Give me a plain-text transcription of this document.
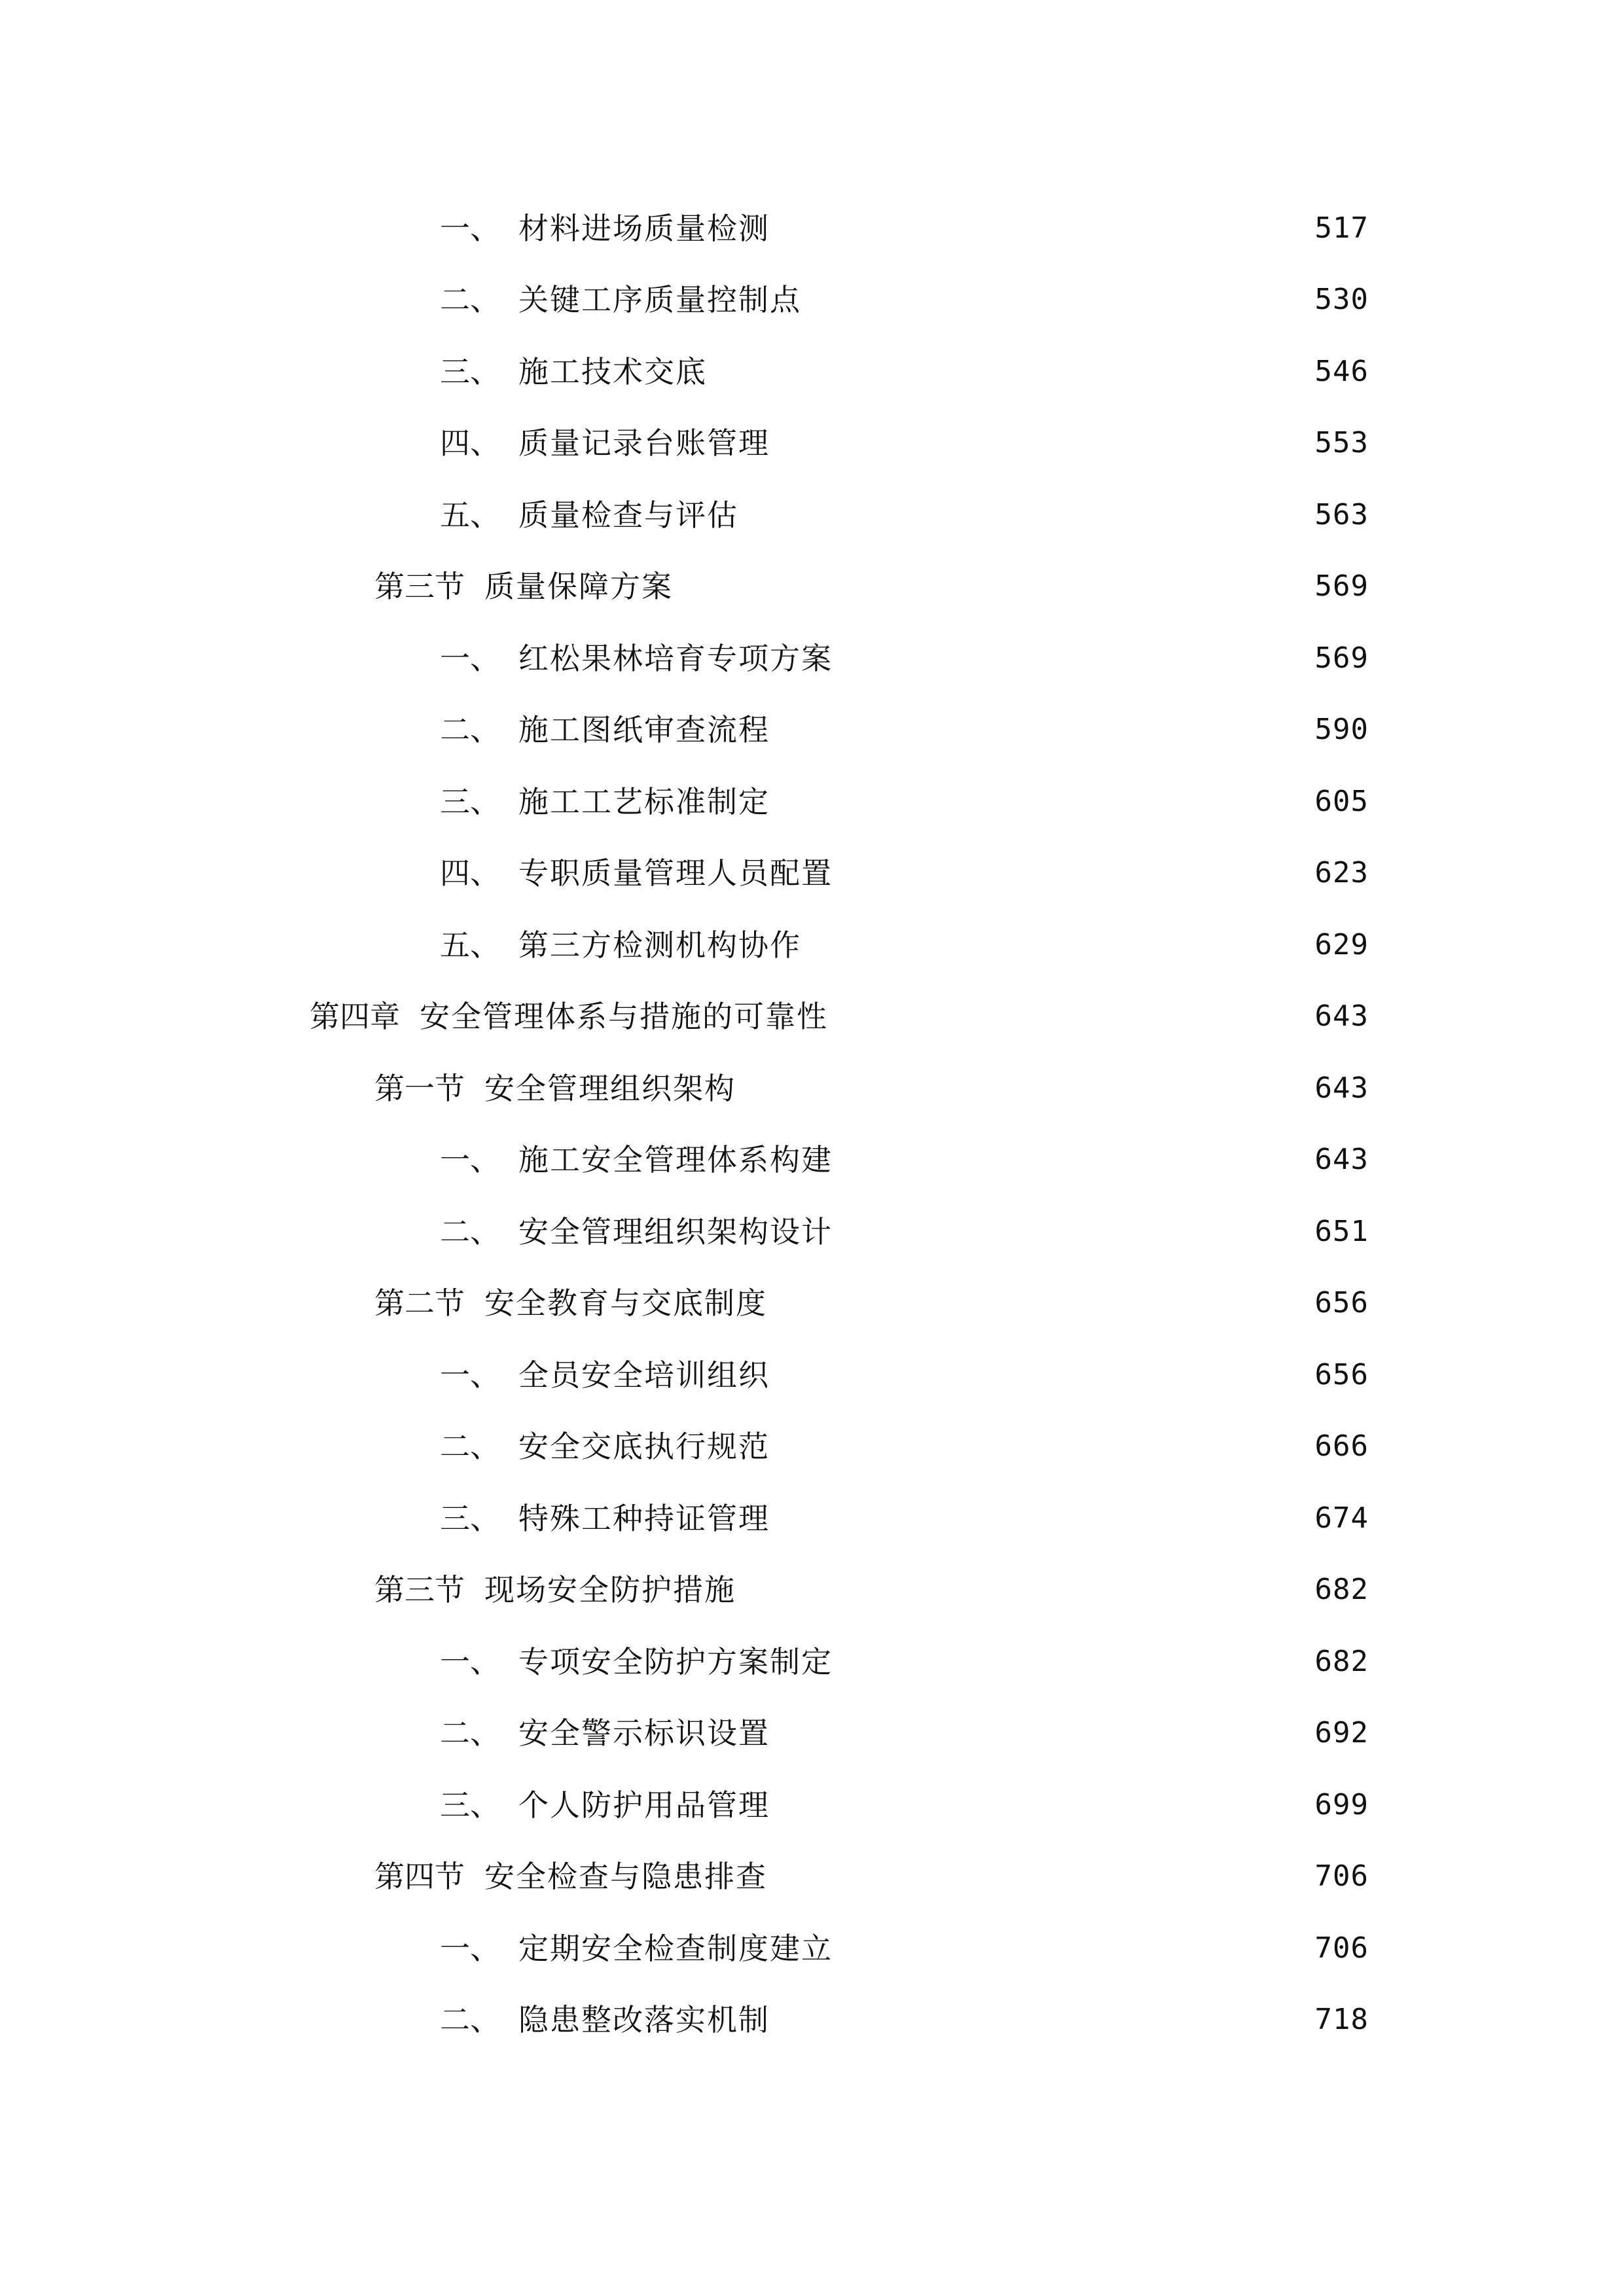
一、 材料进场质量检测	517
二、 关键工序质量控制点	530
三、 施工技术交底	546
四、 质量记录台账管理	553
五、 质量检查与评估	563
第三节 质量保障方案	569
一、 红松果林培育专项方案	569
二、 施工图纸审查流程	590
三、 施工工艺标准制定	605
四、 专职质量管理人员配置	623
五、 第三方检测机构协作	629
第四章 安全管理体系与措施的可靠性	643
第一节 安全管理组织架构	643
一、 施工安全管理体系构建	643
二、 安全管理组织架构设计	651
第二节 安全教育与交底制度	656
一、 全员安全培训组织	656
二、 安全交底执行规范	666
三、 特殊工种持证管理	674
第三节 现场安全防护措施	682
一、 专项安全防护方案制定	682
二、 安全警示标识设置	692
三、 个人防护用品管理	699
第四节 安全检查与隐患排查	706
一、 定期安全检查制度建立	706
二、 隐患整改落实机制	718
